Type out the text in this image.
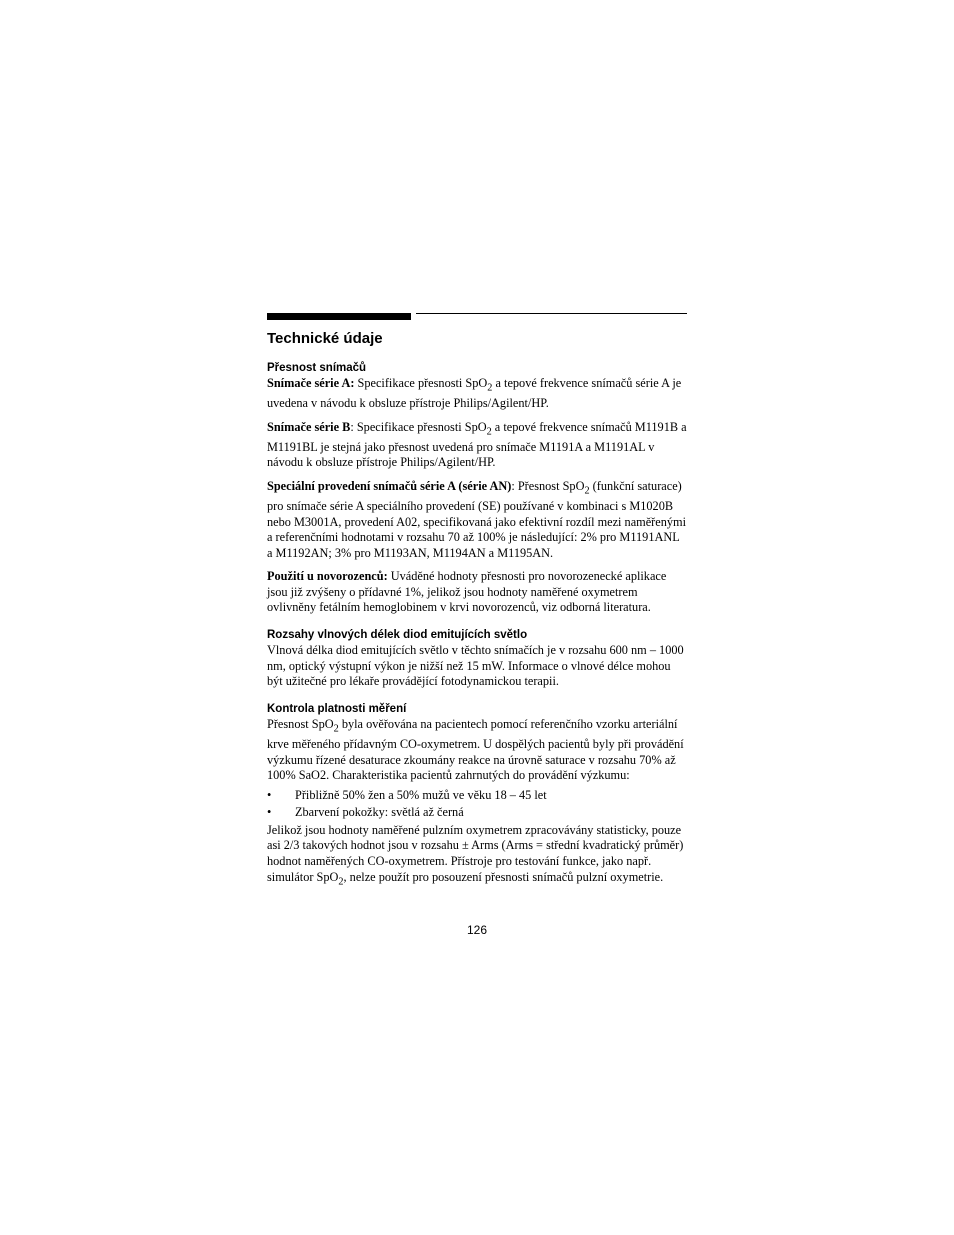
Technické údaje
Přesnost snímačů

Snímače série A: Specifikace přesnosti SpO$_2$ a tepové frekvence snímačů série A je uvedena v návodu k obsluze přístroje Philips/Agilent/HP.

Snímače série B: Specifikace přesnosti SpO$_2$ a tepové frekvence snímačů M1191B a M1191BL je stejná jako přesnost uvedená pro snímače M1191A a M1191AL v návodu k obsluze přístroje Philips/Agilent/HP.

Speciální provedení snímačů série A (série AN): Přesnost SpO$_2$ (funkční saturace) pro snímače série A speciálního provedení (SE) používané v kombinaci s M1020B nebo M3001A, provedení A02, specifikovaná jako efektivní rozdíl mezi naměřenými a referenčními hodnotami v rozsahu 70 až 100% je následující: 2% pro M1191ANL a M1192AN; 3% pro M1193AN, M1194AN a M1195AN.

Použití u novorozenců: Uváděné hodnoty přesnosti pro novorozenecké aplikace jsou již zvýšeny o přídavné 1%, jelikož jsou hodnoty naměřené oxymetrem ovlivněny fetálním hemoglobinem v krvi novorozenců, viz odborná literatura.

Rozsahy vlnových délek diod emitujících světlo

Vlnová délka diod emitujících světlo v těchto snímačích je v rozsahu 600 nm – 1000 nm, optický výstupní výkon je nižší než 15 mW. Informace o vlnové délce mohou být užitečné pro lékaře provádějící fotodynamickou terapii.

Kontrola platnosti měření

Přesnost SpO$_2$ byla ověřována na pacientech pomocí referenčního vzorku arteriální krve měřeného přídavným CO-oxymetrem. U dospělých pacientů byly při provádění výzkumu řízené desaturace zkoumány reakce na úrovně saturace v rozsahu 70% až 100% SaO2. Charakteristika pacientů zahrnutých do provádění výzkumu:

• Přibližně 50% žen a 50% mužů ve věku 18 – 45 let
• Zbarvení pokožky: světlá až černá

Jelikož jsou hodnoty naměřené pulzním oxymetrem zpracovávány statisticky, pouze asi 2/3 takových hodnot jsou v rozsahu ± Arms (Arms = střední kvadratický průměr) hodnot naměřených CO-oxymetrem. Přístroje pro testování funkce, jako např. simulátor SpO$_2$, nelze použít pro posouzení přesnosti snímačů pulzní oxymetrie.

126
